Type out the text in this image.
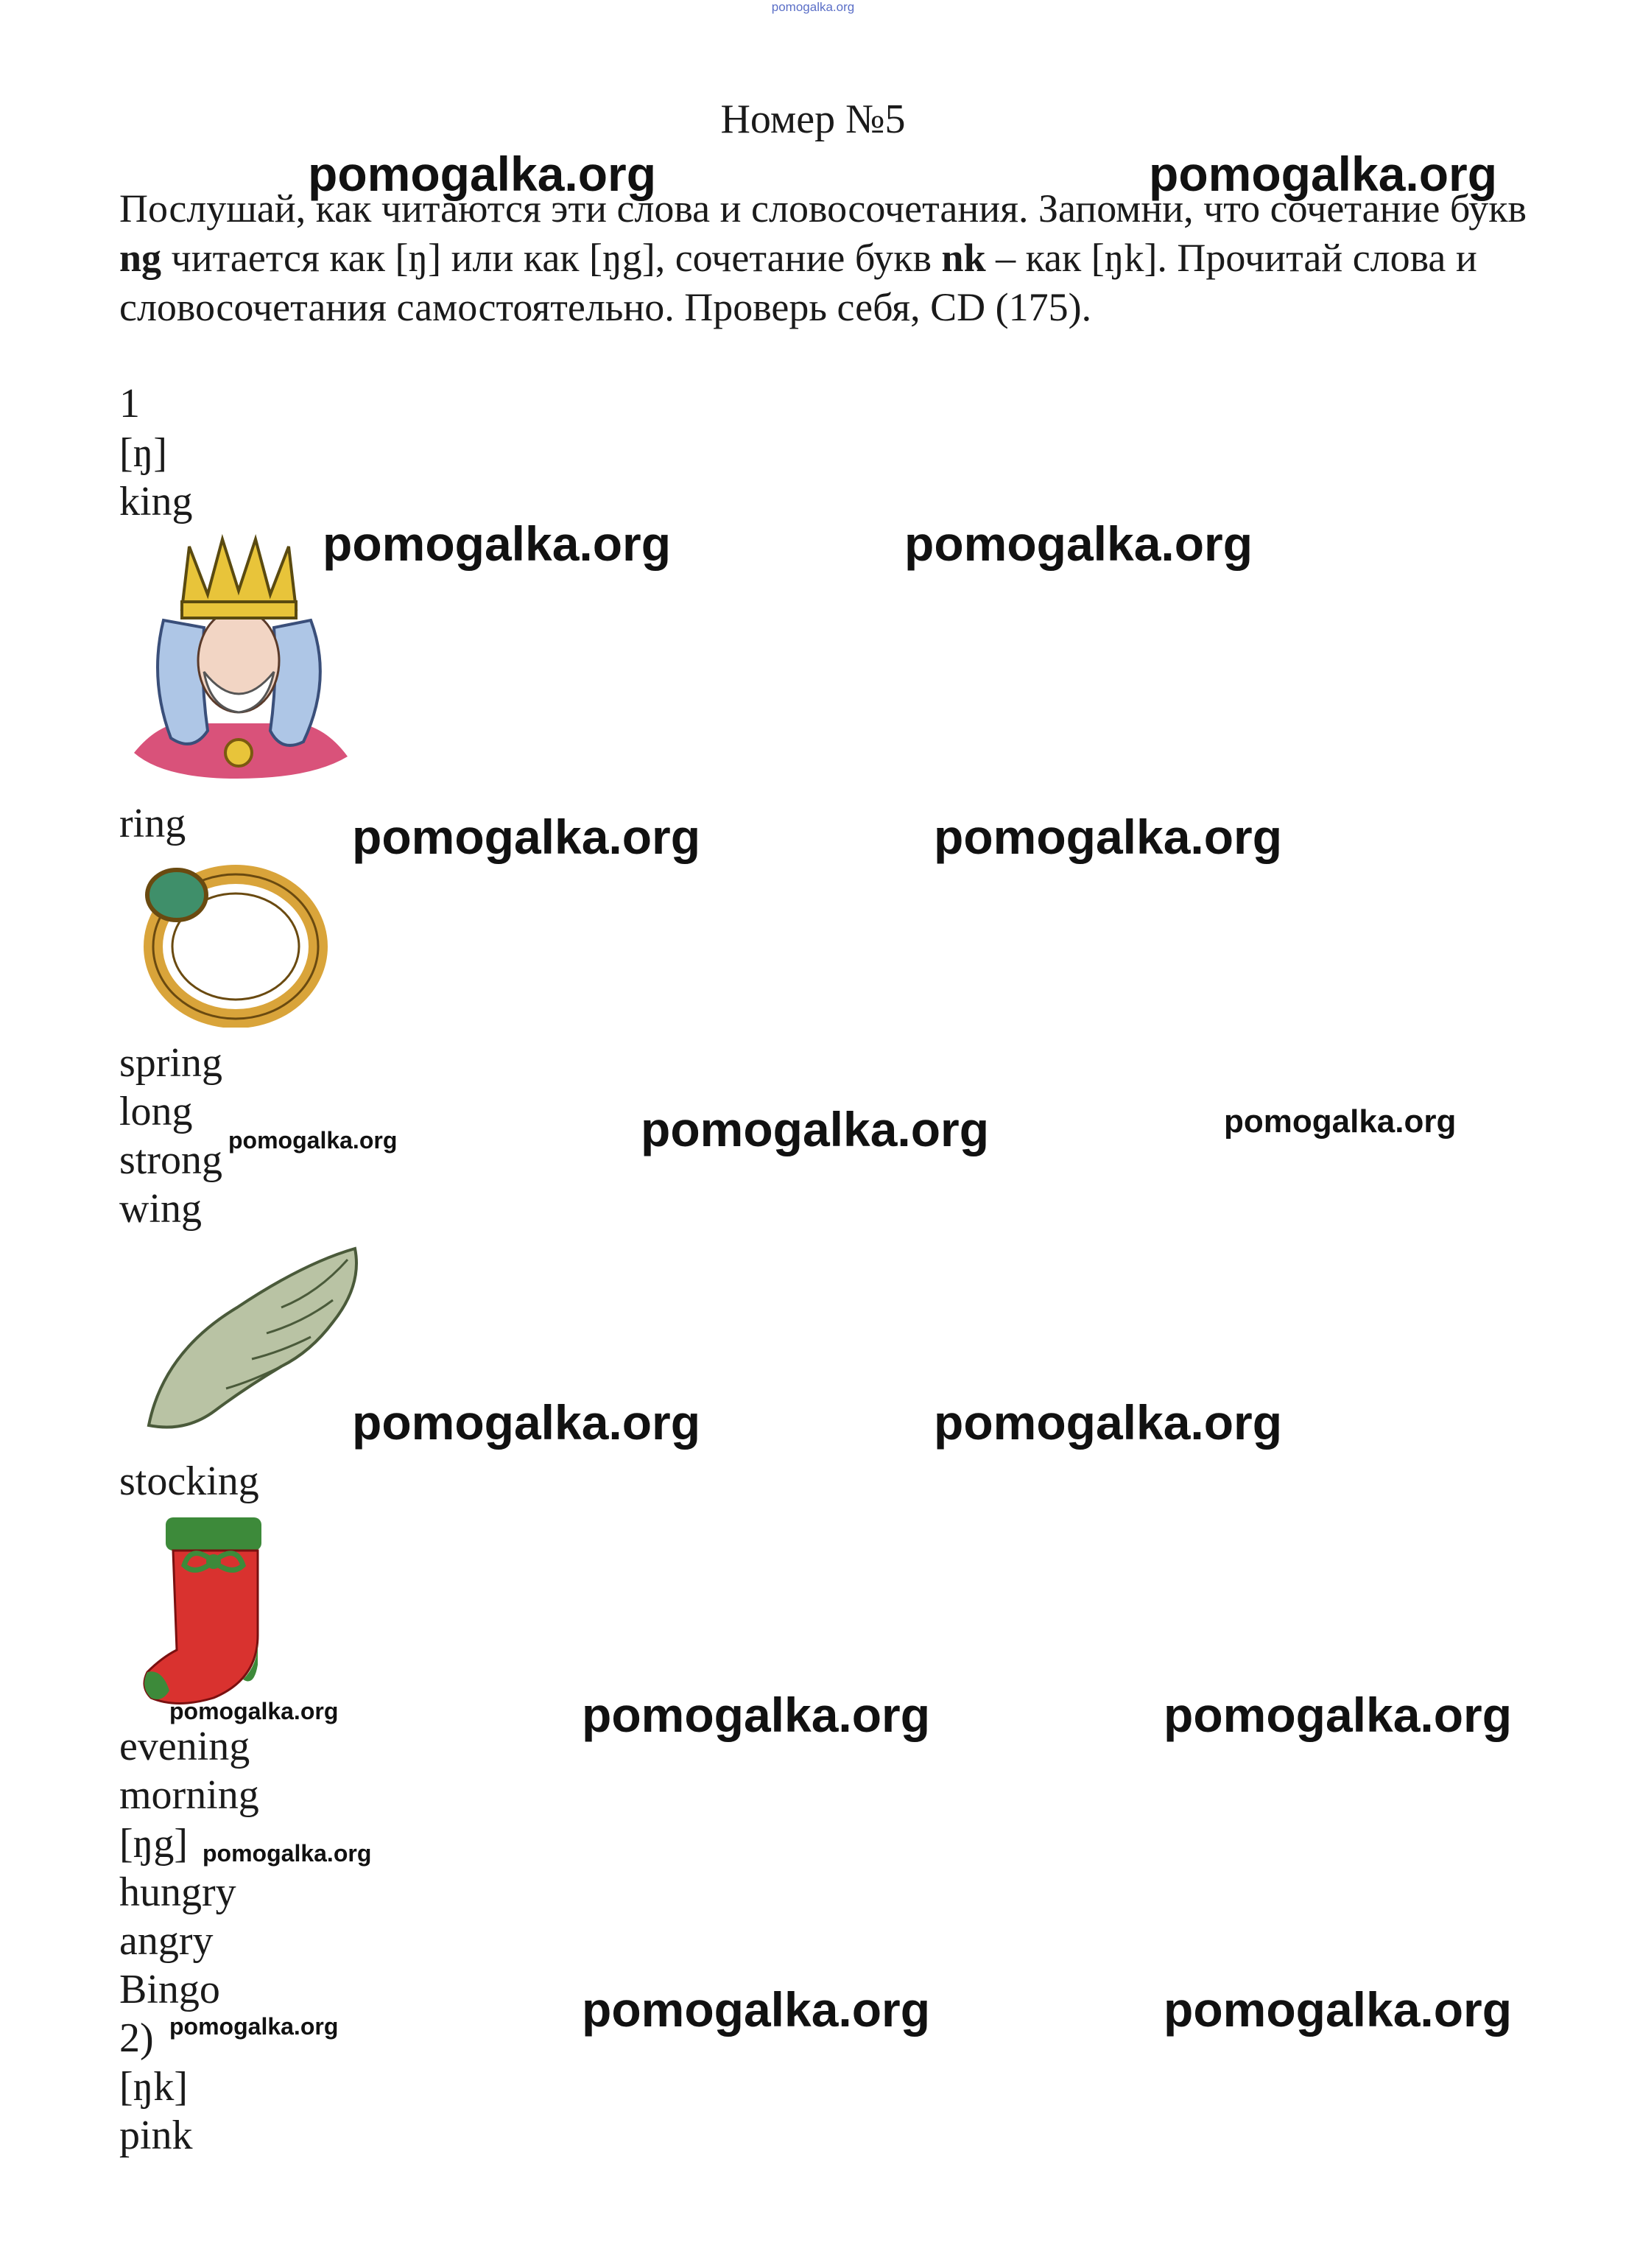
pomogalka.org
Номер №5
Послушай, как читаются эти слова и словосочетания. Запомни, что сочетание букв ng читается как [ŋ] или как [ŋg], сочетание букв nk – как [ŋk]. Прочитай слова и словосочетания самостоятельно. Проверь себя, CD (175).
1
[ŋ]
king
ring
spring
long
strong
wing
stocking
evening
morning
[ŋg]
hungry
angry
Bingo
2)
[ŋk]
pink
pomogalka.org	pomogalka.org
pomogalka.org	pomogalka.org
pomogalka.org	pomogalka.org
pomogalka.org	pomogalka.org	pomogalka.org
pomogalka.org	pomogalka.org
pomogalka.org	pomogalka.org	pomogalka.org
pomogalka.org
pomogalka.org	pomogalka.org
pomogalka.org
